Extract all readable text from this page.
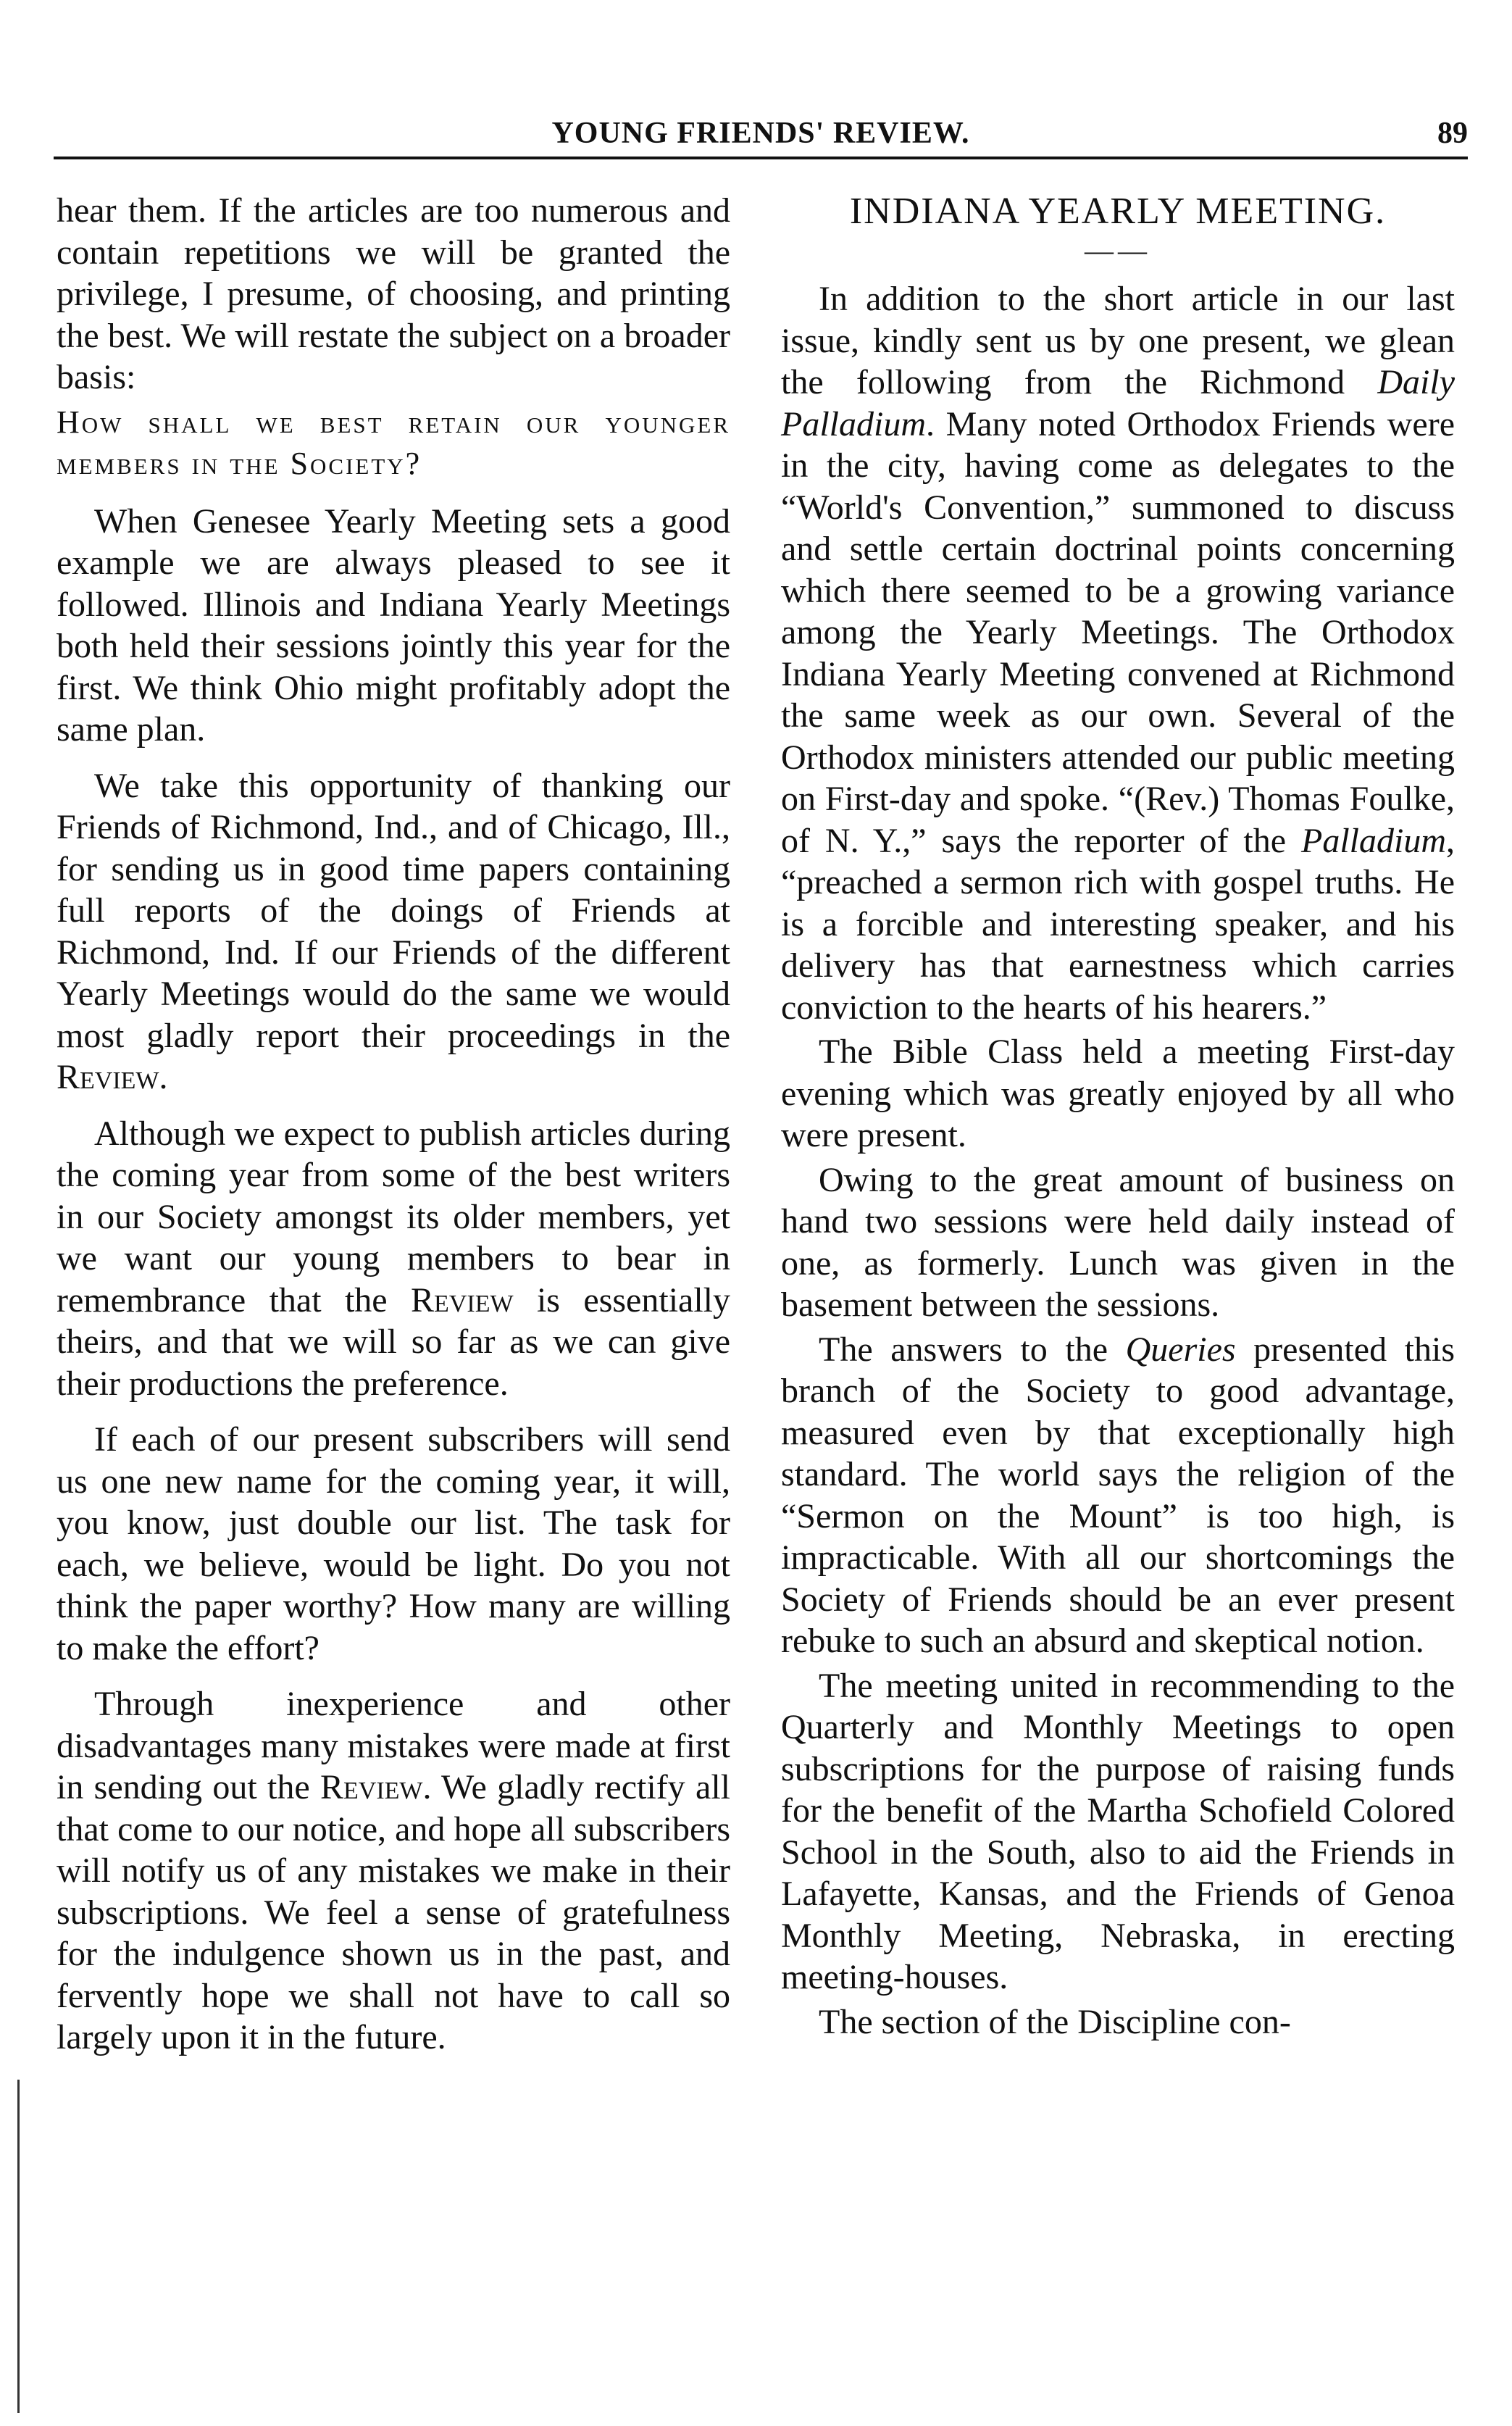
YOUNG FRIENDS' REVIEW.	89

hear them. If the articles are too numerous and contain repetitions we will be granted the privilege, I presume, of choosing, and printing the best. We will restate the subject on a broader basis:

How shall we best retain our younger members in the Society?

When Genesee Yearly Meeting sets a good example we are always pleased to see it followed. Illinois and Indiana Yearly Meetings both held their sessions jointly this year for the first. We think Ohio might profitably adopt the same plan.

We take this opportunity of thanking our Friends of Richmond, Ind., and of Chicago, Ill., for sending us in good time papers containing full reports of the doings of Friends at Richmond, Ind. If our Friends of the different Yearly Meetings would do the same we would most gladly report their proceedings in the Review.

Although we expect to publish articles during the coming year from some of the best writers in our Society amongst its older members, yet we want our young members to bear in remembrance that the Review is essentially theirs, and that we will so far as we can give their productions the preference.

If each of our present subscribers will send us one new name for the coming year, it will, you know, just double our list. The task for each, we believe, would be light. Do you not think the paper worthy? How many are willing to make the effort?

Through inexperience and other disadvantages many mistakes were made at first in sending out the Review. We gladly rectify all that come to our notice, and hope all subscribers will notify us of any mistakes we make in their subscriptions. We feel a sense of gratefulness for the indulgence shown us in the past, and fervently hope we shall not have to call so largely upon it in the future.

INDIANA YEARLY MEETING.
——

In addition to the short article in our last issue, kindly sent us by one present, we glean the following from the Richmond Daily Palladium. Many noted Orthodox Friends were in the city, having come as delegates to the “World's Convention,” summoned to discuss and settle certain doctrinal points concerning which there seemed to be a growing variance among the Yearly Meetings. The Orthodox Indiana Yearly Meeting convened at Richmond the same week as our own. Several of the Orthodox ministers attended our public meeting on First-day and spoke. “(Rev.) Thomas Foulke, of N. Y.,” says the reporter of the Palladium, “preached a sermon rich with gospel truths. He is a forcible and interesting speaker, and his delivery has that earnestness which carries conviction to the hearts of his hearers.”

The Bible Class held a meeting First-day evening which was greatly enjoyed by all who were present.

Owing to the great amount of business on hand two sessions were held daily instead of one, as formerly. Lunch was given in the basement between the sessions.

The answers to the Queries presented this branch of the Society to good advantage, measured even by that exceptionally high standard. The world says the religion of the “Sermon on the Mount” is too high, is impracticable. With all our shortcomings the Society of Friends should be an ever present rebuke to such an absurd and skeptical notion.

The meeting united in recommending to the Quarterly and Monthly Meetings to open subscriptions for the purpose of raising funds for the benefit of the Martha Schofield Colored School in the South, also to aid the Friends in Lafayette, Kansas, and the Friends of Genoa Monthly Meeting, Nebraska, in erecting meeting-houses.

The section of the Discipline con-
